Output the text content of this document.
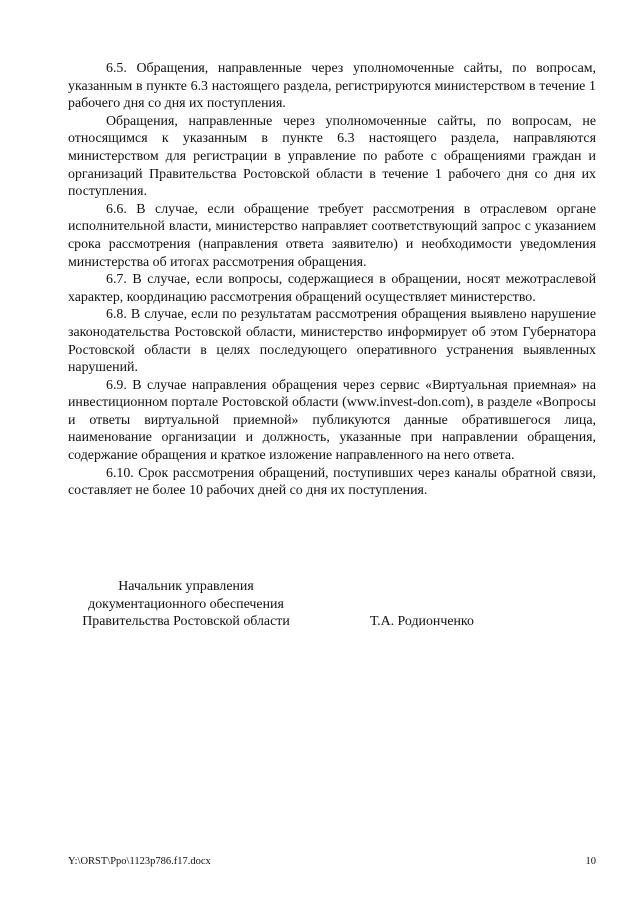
6.5. Обращения, направленные через уполномоченные сайты, по вопросам, указанным в пункте 6.3 настоящего раздела, регистрируются министерством в течение 1 рабочего дня со дня их поступления.

Обращения, направленные через уполномоченные сайты, по вопросам, не относящимся к указанным в пункте 6.3 настоящего раздела, направляются министерством для регистрации в управление по работе с обращениями граждан и организаций Правительства Ростовской области в течение 1 рабочего дня со дня их поступления.

6.6. В случае, если обращение требует рассмотрения в отраслевом органе исполнительной власти, министерство направляет соответствующий запрос с указанием срока рассмотрения (направления ответа заявителю) и необходимости уведомления министерства об итогах рассмотрения обращения.

6.7. В случае, если вопросы, содержащиеся в обращении, носят межотраслевой характер, координацию рассмотрения обращений осуществляет министерство.

6.8. В случае, если по результатам рассмотрения обращения выявлено нарушение законодательства Ростовской области, министерство информирует об этом Губернатора Ростовской области в целях последующего оперативного устранения выявленных нарушений.

6.9. В случае направления обращения через сервис «Виртуальная приемная» на инвестиционном портале Ростовской области (www.invest-don.com), в разделе «Вопросы и ответы виртуальной приемной» публикуются данные обратившегося лица, наименование организации и должность, указанные при направлении обращения, содержание обращения и краткое изложение направленного на него ответа.

6.10. Срок рассмотрения обращений, поступивших через каналы обратной связи, составляет не более 10 рабочих дней со дня их поступления.

Начальник управления
документационного обеспечения
Правительства Ростовской области	Т.А. Родионченко
Y:\ORST\Ppo\1123p786.f17.docx	10
